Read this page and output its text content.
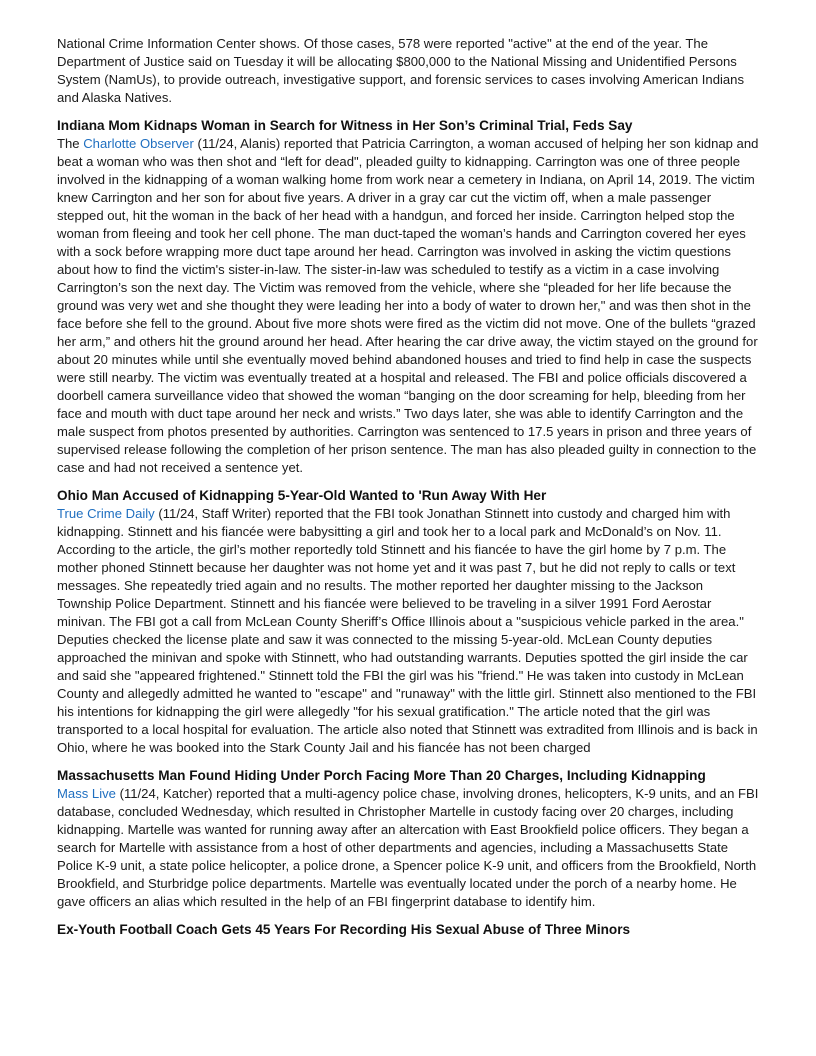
National Crime Information Center shows. Of those cases, 578 were reported "active" at the end of the year. The Department of Justice said on Tuesday it will be allocating $800,000 to the National Missing and Unidentified Persons System (NamUs), to provide outreach, investigative support, and forensic services to cases involving American Indians and Alaska Natives.

Indiana Mom Kidnaps Woman in Search for Witness in Her Son’s Criminal Trial, Feds Say

The Charlotte Observer (11/24, Alanis) reported that Patricia Carrington, a woman accused of helping her son kidnap and beat a woman who was then shot and “left for dead", pleaded guilty to kidnapping. Carrington was one of three people involved in the kidnapping of a woman walking home from work near a cemetery in Indiana, on April 14, 2019. The victim knew Carrington and her son for about five years. A driver in a gray car cut the victim off, when a male passenger stepped out, hit the woman in the back of her head with a handgun, and forced her inside. Carrington helped stop the woman from fleeing and took her cell phone. The man duct-taped the woman’s hands and Carrington covered her eyes with a sock before wrapping more duct tape around her head. Carrington was involved in asking the victim questions about how to find the victim's sister-in-law. The sister-in-law was scheduled to testify as a victim in a case involving Carrington’s son the next day. The Victim was removed from the vehicle, where she “pleaded for her life because the ground was very wet and she thought they were leading her into a body of water to drown her," and was then shot in the face before she fell to the ground. About five more shots were fired as the victim did not move. One of the bullets “grazed her arm,” and others hit the ground around her head. After hearing the car drive away, the victim stayed on the ground for about 20 minutes while until she eventually moved behind abandoned houses and tried to find help in case the suspects were still nearby. The victim was eventually treated at a hospital and released. The FBI and police officials discovered a doorbell camera surveillance video that showed the woman “banging on the door screaming for help, bleeding from her face and mouth with duct tape around her neck and wrists.” Two days later, she was able to identify Carrington and the male suspect from photos presented by authorities. Carrington was sentenced to 17.5 years in prison and three years of supervised release following the completion of her prison sentence. The man has also pleaded guilty in connection to the case and had not received a sentence yet.

Ohio Man Accused of Kidnapping 5-Year-Old Wanted to 'Run Away With Her

True Crime Daily (11/24, Staff Writer) reported that the FBI took Jonathan Stinnett into custody and charged him with kidnapping. Stinnett and his fiancée were babysitting a girl and took her to a local park and McDonald’s on Nov. 11. According to the article, the girl’s mother reportedly told Stinnett and his fiancée to have the girl home by 7 p.m. The mother phoned Stinnett because her daughter was not home yet and it was past 7, but he did not reply to calls or text messages. She repeatedly tried again and no results. The mother reported her daughter missing to the Jackson Township Police Department. Stinnett and his fiancée were believed to be traveling in a silver 1991 Ford Aerostar minivan. The FBI got a call from McLean County Sheriff’s Office Illinois about a "suspicious vehicle parked in the area." Deputies checked the license plate and saw it was connected to the missing 5-year-old. McLean County deputies approached the minivan and spoke with Stinnett, who had outstanding warrants. Deputies spotted the girl inside the car and said she "appeared frightened." Stinnett told the FBI the girl was his "friend." He was taken into custody in McLean County and allegedly admitted he wanted to "escape" and "runaway" with the little girl. Stinnett also mentioned to the FBI his intentions for kidnapping the girl were allegedly "for his sexual gratification." The article noted that the girl was transported to a local hospital for evaluation. The article also noted that Stinnett was extradited from Illinois and is back in Ohio, where he was booked into the Stark County Jail and his fiancée has not been charged

Massachusetts Man Found Hiding Under Porch Facing More Than 20 Charges, Including Kidnapping

Mass Live (11/24, Katcher) reported that a multi-agency police chase, involving drones, helicopters, K-9 units, and an FBI database, concluded Wednesday, which resulted in Christopher Martelle in custody facing over 20 charges, including kidnapping. Martelle was wanted for running away after an altercation with East Brookfield police officers. They began a search for Martelle with assistance from a host of other departments and agencies, including a Massachusetts State Police K-9 unit, a state police helicopter, a police drone, a Spencer police K-9 unit, and officers from the Brookfield, North Brookfield, and Sturbridge police departments. Martelle was eventually located under the porch of a nearby home. He gave officers an alias which resulted in the help of an FBI fingerprint database to identify him.

Ex-Youth Football Coach Gets 45 Years For Recording His Sexual Abuse of Three Minors
